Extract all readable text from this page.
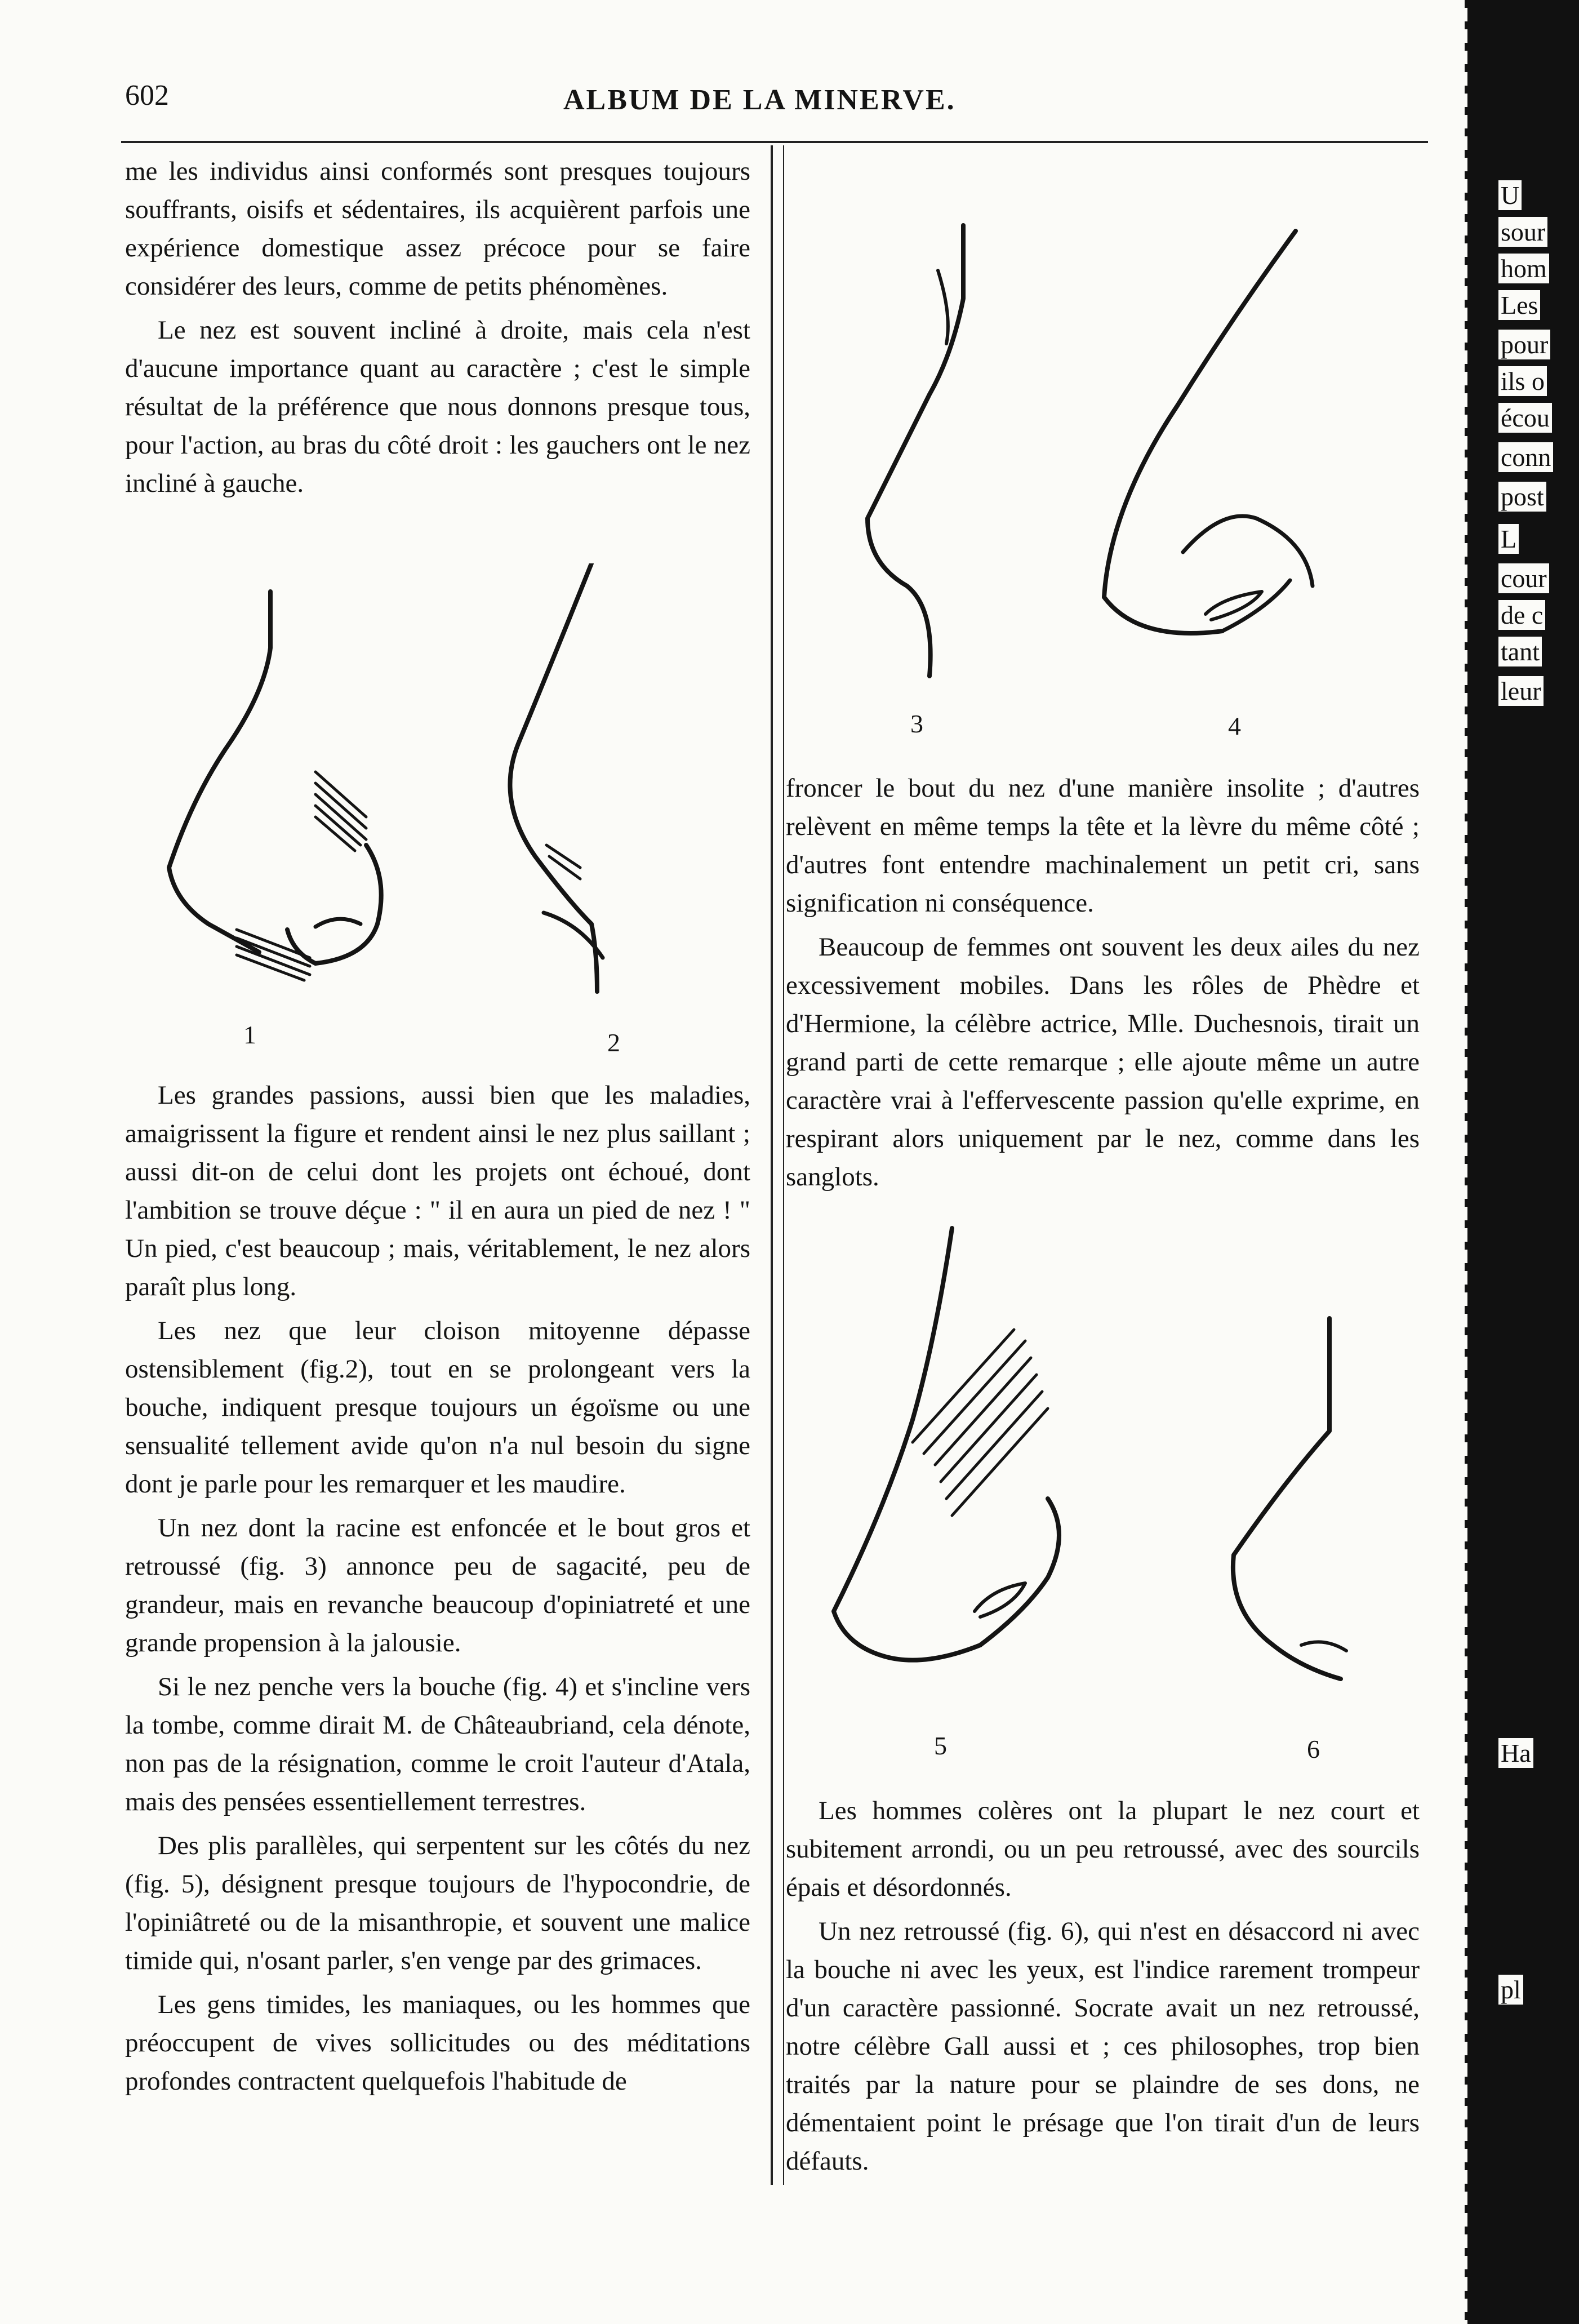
602	ALBUM DE LA MINERVE.

me les individus ainsi conformés sont presques toujours souffrants, oisifs et sédentaires, ils acquièrent parfois une expérience domestique assez précoce pour se faire considérer des leurs, comme de petits phénomènes.

Le nez est souvent incliné à droite, mais cela n'est d'aucune importance quant au caractère ; c'est le simple résultat de la préférence que nous donnons presque tous, pour l'action, au bras du côté droit : les gauchers ont le nez incliné à gauche.

1	2

Les grandes passions, aussi bien que les maladies, amaigrissent la figure et rendent ainsi le nez plus saillant ; aussi dit-on de celui dont les projets ont échoué, dont l'ambition se trouve déçue : " il en aura un pied de nez ! " Un pied, c'est beaucoup ; mais, véritablement, le nez alors paraît plus long.

Les nez que leur cloison mitoyenne dépasse ostensiblement (fig.2), tout en se prolongeant vers la bouche, indiquent presque toujours un égoïsme ou une sensualité tellement avide qu'on n'a nul besoin du signe dont je parle pour les remarquer et les maudire.

Un nez dont la racine est enfoncée et le bout gros et retroussé (fig. 3) annonce peu de sagacité, peu de grandeur, mais en revanche beaucoup d'opiniatreté et une grande propension à la jalousie.

Si le nez penche vers la bouche (fig. 4) et s'incline vers la tombe, comme dirait M. de Châteaubriand, cela dénote, non pas de la résignation, comme le croit l'auteur d'Atala, mais des pensées essentiellement terrestres.

Des plis parallèles, qui serpentent sur les côtés du nez (fig. 5), désignent presque toujours de l'hypocondrie, de l'opiniâtreté ou de la misanthropie, et souvent une malice timide qui, n'osant parler, s'en venge par des grimaces.

Les gens timides, les maniaques, ou les hommes que préoccupent de vives sollicitudes ou des méditations profondes contractent quelquefois l'habitude de

3	4

froncer le bout du nez d'une manière insolite ; d'autres relèvent en même temps la tête et la lèvre du même côté ; d'autres font entendre machinalement un petit cri, sans signification ni conséquence.

Beaucoup de femmes ont souvent les deux ailes du nez excessivement mobiles. Dans les rôles de Phèdre et d'Hermione, la célèbre actrice, Mlle. Duchesnois, tirait un grand parti de cette remarque ; elle ajoute même un autre caractère vrai à l'effervescente passion qu'elle exprime, en respirant alors uniquement par le nez, comme dans les sanglots.

5	6

Les hommes colères ont la plupart le nez court et subitement arrondi, ou un peu retroussé, avec des sourcils épais et désordonnés.

Un nez retroussé (fig. 6), qui n'est en désaccord ni avec la bouche ni avec les yeux, est l'indice rarement trompeur d'un caractère passionné. Socrate avait un nez retroussé, notre célèbre Gall aussi et ; ces philosophes, trop bien traités par la nature pour se plaindre de ses dons, ne démentaient point le présage que l'on tirait d'un de leurs défauts.

U
sour
hom
Les
pour
ils o
écou
conn
post
L
cour
de c
tant
leur
Ha
pl
